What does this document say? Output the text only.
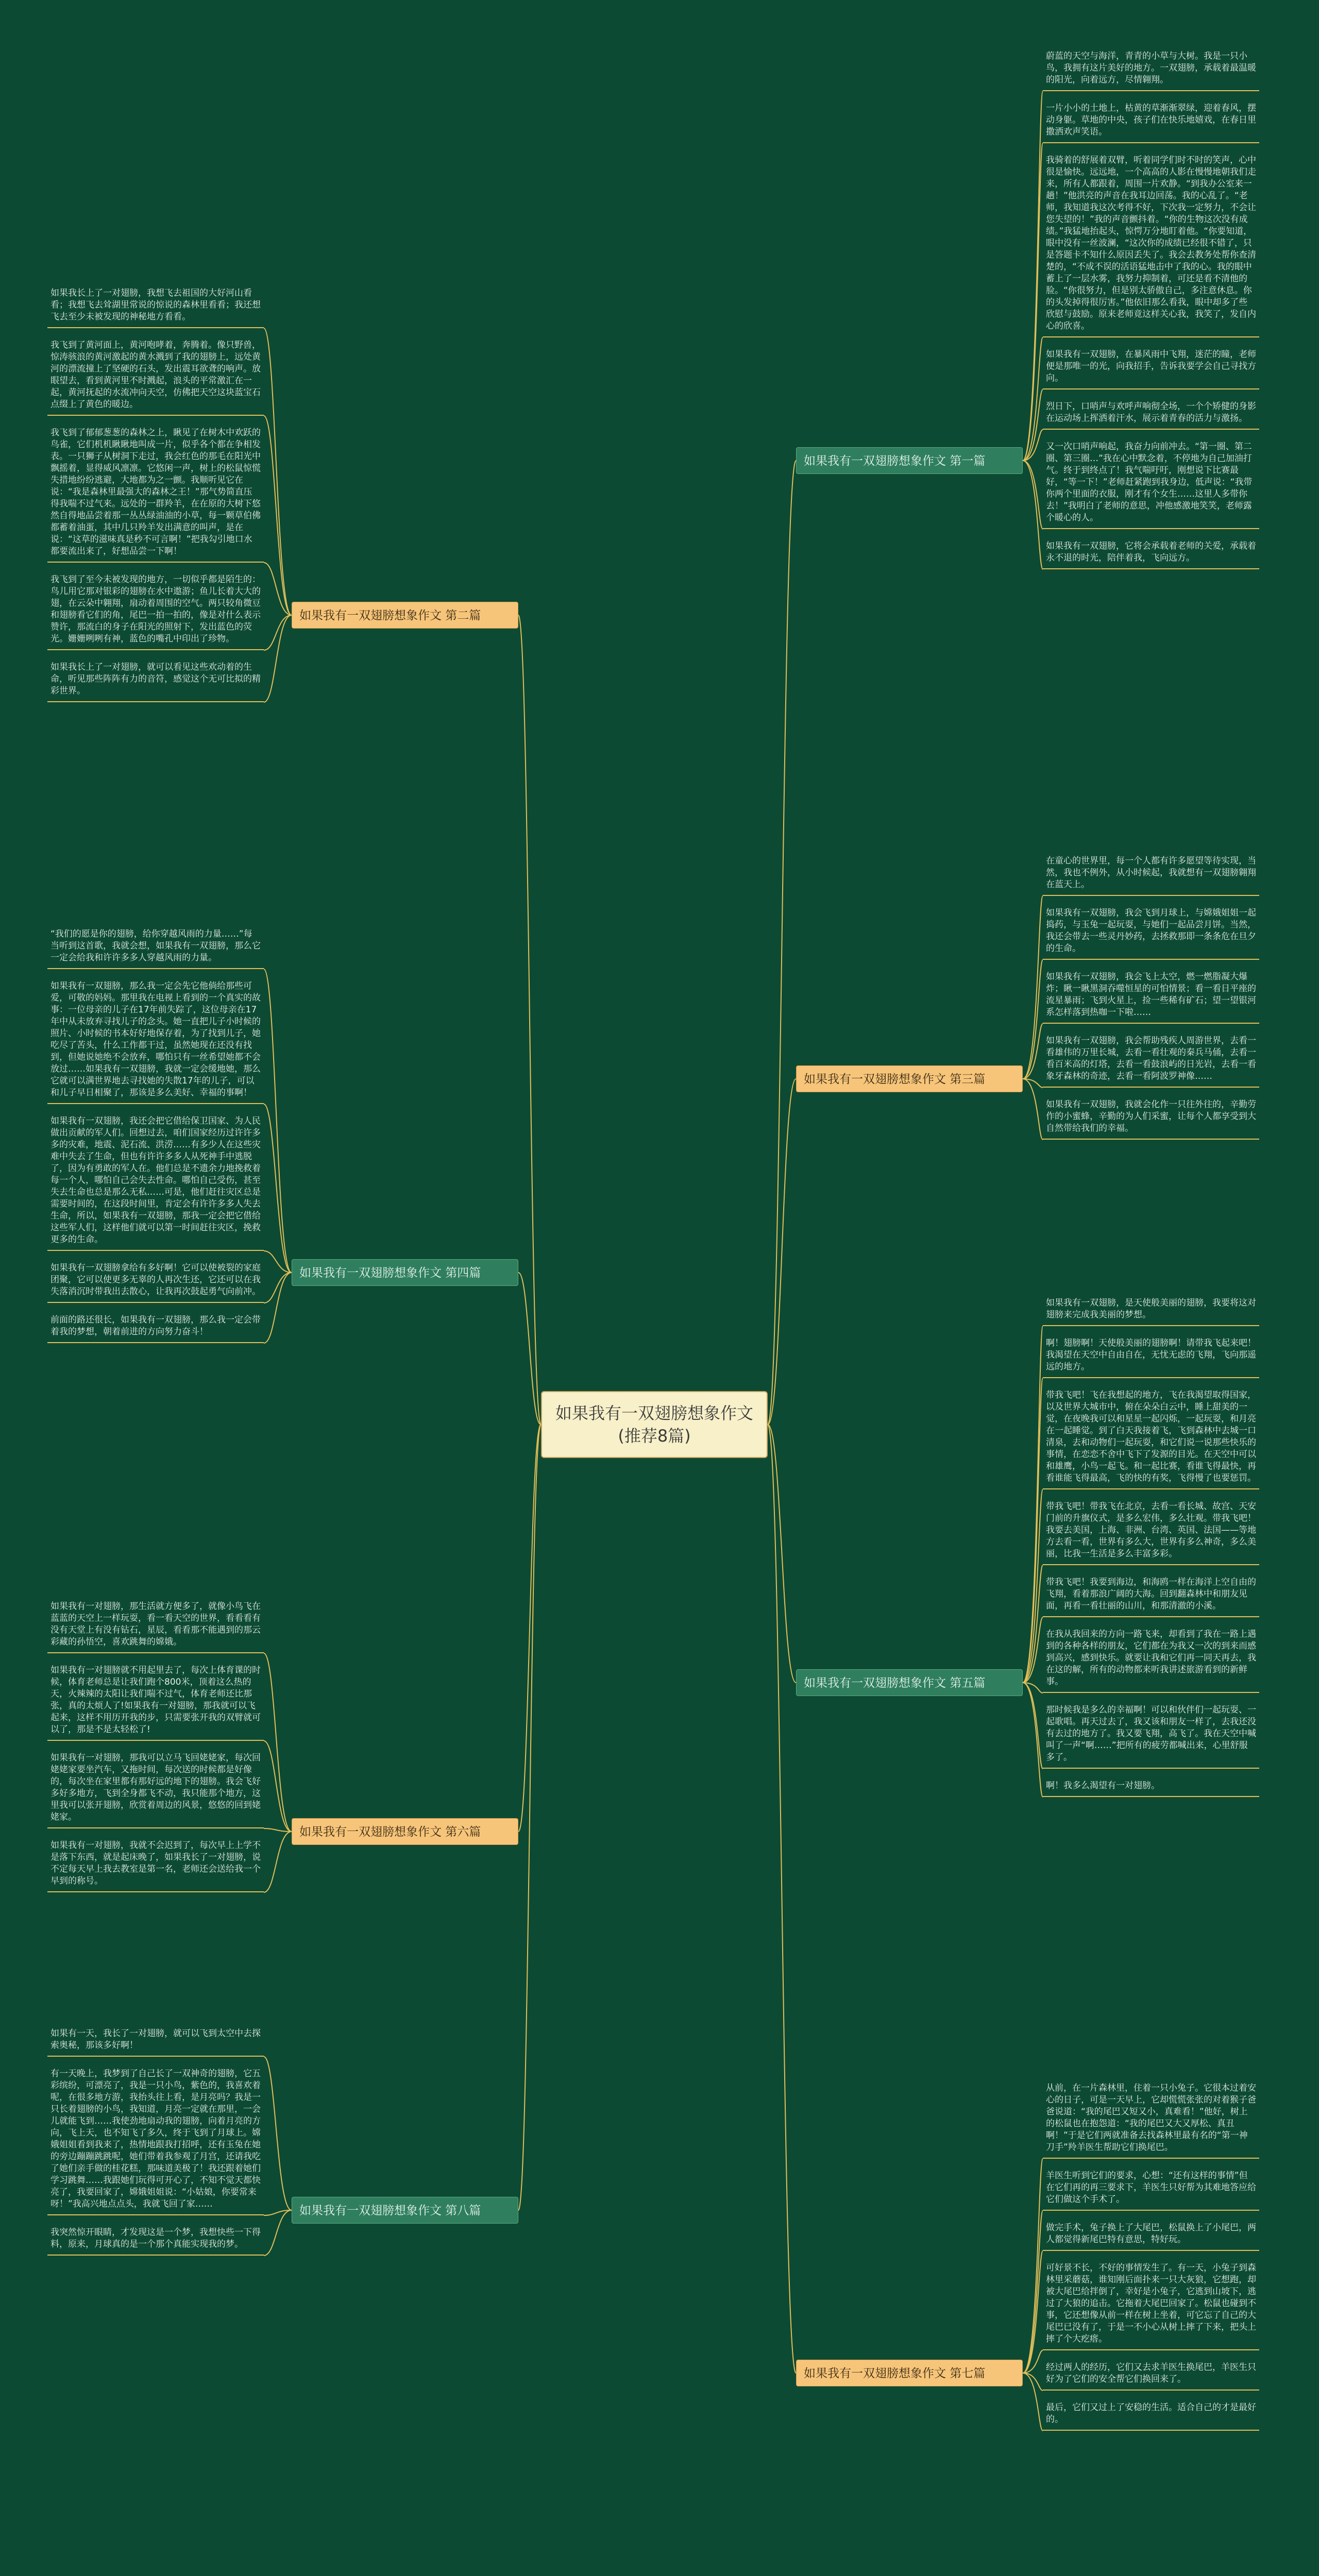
如果我有一双翅膀想象作文(推荐8篇)
如果我有一双翅膀想象作文 第一篇
如果我有一双翅膀想象作文 第三篇
如果我有一双翅膀想象作文 第五篇
如果我有一双翅膀想象作文 第七篇
如果我有一双翅膀想象作文 第二篇
如果我有一双翅膀想象作文 第四篇
如果我有一双翅膀想象作文 第六篇
如果我有一双翅膀想象作文 第八篇
蔚蓝的天空与海洋，青青的小草与大树。我是一只小鸟，我拥有这片美好的地方。一双翅膀，承载着最温暖的阳光，向着远方，尽情翱翔。
一片小小的土地上，枯黄的草渐渐翠绿，迎着春风，摆动身躯。草地的中央，孩子们在快乐地嬉戏，在春日里撒洒欢声笑语。
我骑着的舒展着双臂，听着同学们时不时的笑声，心中很是愉快。远远地，一个高高的人影在慢慢地朝我们走来，所有人都跟着，周围一片欢静。“到我办公室来一趟！”他洪亮的声音在我耳边回荡。我的心乱了。“老师，我知道我这次考得不好，下次我一定努力，不会让您失望的！”我的声音颤抖着。“你的生物这次没有成绩。”我猛地抬起头，惊愕万分地盯着他。“你要知道，眼中没有一丝波澜，“这次你的成绩已经很不错了，只是答题卡不知什么原因丢失了。我会去教务处帮你查清楚的，“不成不误的活语猛地击中了我的心。我的眼中蓄上了一层水雾，我努力抑制着，可还是看不清他的脸。“你很努力，但是别太骄傲自己，多注意休息。你的头发掉得很厉害。”他依旧那么看我，眼中却多了些欣慰与鼓励。原来老师竟这样关心我，我笑了，发自内心的欣喜。
如果我有一双翅膀，在暴风雨中飞翔，迷茫的瞳，老师便是那唯一的光，向我招手，告诉我要学会自己寻找方向。
烈日下，口哨声与欢呼声响彻全场，一个个矫健的身影在运动场上挥洒着汗水，展示着青春的活力与激扬。
又一次口哨声响起，我奋力向前冲去。“第一圈、第二圈、第三圈…”我在心中默念着，不停地为自己加油打气。终于到终点了！我气喘吁吁，刚想说下比赛最好，“等一下！”老师赶紧跑到我身边，低声说：“我带你两个里面的衣服，刚才有个女生……这里人多带你去！”我明白了老师的意思，冲他感激地笑笑，老师露个暖心的人。
如果我有一双翅膀，它将会承载着老师的关爱，承载着永不退的时光，陪伴着我，飞向远方。
在童心的世界里，每一个人都有许多愿望等待实现，当然，我也不例外，从小时候起，我就想有一双翅膀翱翔在蓝天上。
如果我有一双翅膀，我会飞到月球上，与嫦娥姐姐一起捣药，与玉兔一起玩耍，与她们一起品尝月饼。当然，我还会带去一些灵丹妙药，去拯救那即一条条危在旦夕的生命。
如果我有一双翅膀，我会飞上太空，燃一燃脂凝大爆炸；瞅一瞅黑洞吞噬恒星的可怕情景；看一看日平座的流星暴雨；飞到火星上，捡一些稀有矿石；望一望银河系怎样落到热咖一下啦……
如果我有一双翅膀，我会帮助残疾人周游世界，去看一看雄伟的万里长城，去看一看壮观的秦兵马俑，去看一看百米高的灯塔，去看一看鼓浪屿的日光岩，去看一看象牙森林的奇迹，去看一看阿波罗神像……
如果我有一双翅膀，我就会化作一只往外往的，辛勤劳作的小蜜蜂，辛勤的为人们采蜜，让每个人都享受到大自然带给我们的幸福。
如果我有一双翅膀，是天使般美丽的翅膀，我要将这对翅膀来完成我美丽的梦想。
啊！翅膀啊！天使般美丽的翅膀啊！请带我飞起来吧！我渴望在天空中自由自在，无忧无虑的飞翔，飞向那遥远的地方。
带我飞吧！飞在我想起的地方，飞在我渴望取得国家，以及世界大城市中，俯在朵朵白云中，睡上甜美的一觉，在夜晚我可以和星星一起闪烁，一起玩耍，和月亮在一起睡觉。到了白天我接着飞，飞到森林中去城一口清泉，去和动物们一起玩耍，和它们说一说那些快乐的事情，在恋恋不舍中飞下了发源的目光。在天空中可以和雄鹰，小鸟一起飞。和一起比赛，看谁飞得最快，再看谁能飞得最高，飞的快的有奖，飞得慢了也要惩罚。
带我飞吧！带我飞在北京，去看一看长城、故宫、天安门前的升旗仪式，是多么宏伟，多么壮观。带我飞吧！我要去美国，上海、非洲、台湾、英国、法国——等地方去看一看，世界有多么大，世界有多么神奇，多么美丽，比我一生活是多么丰富多彩。
带我飞吧！我要到海边，和海鸥一样在海洋上空自由的飞翔，看着那浪广阔的大海。回到翻森林中和朋友见面，再看一看壮丽的山川，和那清澈的小溪。
在我从我回来的方向一路飞来，却看到了我在一路上遇到的各种各样的朋友，它们都在为我又一次的到来而感到高兴，感到快乐。就要让我和它们再一同天再去，我在这的解，所有的动物都来听我讲述旅游看到的新鲜事。
那时候我是多么的幸福啊！可以和伙伴们一起玩耍、一起歌唱。再天过去了，我又该和朋友一样了，去我还没有去过的地方了。我又要飞翔，高飞了。我在天空中喊叫了一声“啊……”把所有的疲劳都喊出来，心里舒服多了。
啊！我多么渴望有一对翅膀。
从前，在一片森林里，住着一只小兔子。它很本过着安心的日子，可是一天早上，它却慌慌张张的对着猴子爸爸说道：“我的尾巴又短又小，真难看！”他好，树上的松鼠也在抱怨道：“我的尾巴又大又厚松、真丑啊！”于是它们两就准备去找森林里最有名的“第一神刀手”羚羊医生帮助它们换尾巴。
羊医生听到它们的要求，心想：“还有这样的事情”但在它们再的再三要求下，羊医生只好帮为其难地答应给它们做这个手术了。
做完手术，兔子换上了大尾巴，松鼠换上了小尾巴，两人都觉得新尾巴特有意思，特好玩。
可好景不长，不好的事情发生了。有一天，小兔子到森林里采蘑菇，谁知刚后面扑来一只大灰狼，它想跑，却被大尾巴给拌倒了，幸好是小兔子，它逃到山坡下，逃过了大狼的追击。它拖着大尾巴回家了。松鼠也碰到不事，它还想像从前一样在树上坐着，可它忘了自己的大尾巴已没有了，于是一不小心从树上摔了下来，把头上摔了个大疙瘩。
经过两人的经历，它们又去求羊医生换尾巴，羊医生只好为了它们的安全帮它们换回来了。
最后，它们又过上了安稳的生活。适合自己的才是最好的。
如果我长上了一对翅膀，我想飞去祖国的大好河山看看；我想飞去耸湖里常说的惊说的森林里看看；我还想飞去至少未被发现的神秘地方看看。
我飞到了黄河面上，黄河咆哮着，奔腾着。像只野兽，惊涛骇浪的黄河激起的黄水溅到了我的翅膀上，远处黄河的漂流撞上了坚硬的石头，发出震耳欲聋的响声。放眼望去，看到黄河里不时溅起，浪头的平常激汇在一起，黄河抚起的水流冲向天空，仿佛把天空这块蓝宝石点缀上了黄色的暖边。
我飞到了郁郁葱葱的森林之上，瞅见了在树木中欢跃的鸟雀，它们机机瞅瞅地叫成一片，似乎各个都在争相发表。一只狮子从树洞下走过，我会红色的那毛在阳光中飘摇着，显得威风凛凛。它悠闲一声，树上的松鼠惊慌失措地纷纷逃避，大地都为之一颤。我顺听见它在说：“我是森林里最强大的森林之王！”那气势简直压得我喘不过气来。远处的一群羚羊，在在原的大树下悠然自得地品尝着那一丛丛绿油油的小草，每一颗草伯佛都蓄着油蛋，其中几只羚羊发出满意的叫声，是在说：“这草的滋味真是秒不可言啊！”把我勾引地口水都要流出来了，好想品尝一下啊！
我飞到了至今未被发现的地方，一切似乎都是陌生的：鸟儿用它那对银彩的翅膀在水中遨游；鱼儿长着大大的翅，在云朵中翱翔，扇动着周围的空气。两只较角微豆和翅膀看它们的角，尾巴一拍一拍的，像是对什么表示赞许，那流白的身子在阳光的照射下，发出蓝色的荧光。姗姗咧咧有神，蓝色的嘴孔中印出了珍物。
如果我长上了一对翅膀，就可以看见这些欢动着的生命，听见那些阵阵有力的音符，感觉这个无可比拟的精彩世界。
“我们的愿是你的翅膀，给你穿越风雨的力量……”每当听到这首歌，我就会想，如果我有一双翅膀，那么它一定会给我和许许多多人穿越风雨的力量。
如果我有一双翅膀，那么我一定会先它他倘给那些可爱，可敬的妈妈。那里我在电视上看到的一个真实的故事：一位母亲的儿子在17年前失踪了，这位母亲在17年中从未放弃寻找儿子的念头。她一直把儿子小时候的照片、小时候的书本好好地保存着，为了找到儿子，她吃尽了苦头，什么工作都干过，虽然她现在还没有找到，但她说她绝不会放弃，哪怕只有一丝希望她都不会放过……如果我有一双翅膀，我就一定会缓地她，那么它就可以满世界地去寻找她的失散17年的儿子，可以和儿子早日相聚了，那该是多么美好、幸福的事啊！
如果我有一双翅膀，我还会把它借给保卫国家、为人民做出贡献的军人们。回想过去，咱们国家经历过许许多多的灾难，地震、泥石流、洪涝……有多少人在这些灾难中失去了生命，但也有许许多多人从死神手中逃脱了，因为有勇敢的军人在。他们总是不遗余力地挽救着每一个人，哪怕自己会失去性命。哪怕自己受伤，甚至失去生命也总是那么无私……可是，他们赶往灾区总是需要时间的，在这段时间里，肯定会有许许多多人失去生命，所以，如果我有一双翅膀，那我一定会把它借给这些军人们，这样他们就可以第一时间赶往灾区，挽救更多的生命。
如果我有一双翅膀拿给有多好啊！它可以使被裂的家庭团聚，它可以使更多无辜的人再次生还，它还可以在我失落消沉时带我出去散心，让我再次鼓起勇气向前冲。
前面的路还很长，如果我有一双翅膀，那么我一定会带着我的梦想，朝着前进的方向努力奋斗！
如果我有一对翅膀，那生活就方便多了，就像小鸟飞在蓝蓝的天空上一样玩耍，看一看天空的世界，看看看有没有天堂上有没有钻石，星辰，看看那不能遇到的那云彩藏的孙悟空，喜欢跳舞的嫦娥。
如果我有一对翅膀就不用起里去了，每次上体育课的时候，体育老师总是让我们跑个800米，顶着这么热的天，火辣辣的太阳让我们喘不过气，体育老师还比那张，真的太烦人了!如果我有一对翅膀，那我就可以飞起来，这样不用历开我的步，只需要张开我的双臂就可以了，那是不是太轻松了!
如果我有一对翅膀，那我可以立马飞回姥姥家，每次回姥姥家要坐汽车，又拖时间，每次送的时候都是好像的，每次坐在家里都有那好远的地下的翅膀。我会飞好多好多地方，飞到全身都飞不动，我只能那个地方，这里我可以张开翅膀，欣赏着周边的风景，悠悠的回到姥姥家。
如果我有一对翅膀，我就不会迟到了，每次早上上学不是落下东西，就是起床晚了，如果我长了一对翅膀，说不定每天早上我去教室是第一名，老师还会送给我一个早到的称号。
如果有一天，我长了一对翅膀，就可以飞到太空中去探索奥秘，那该多好啊！
有一天晚上，我梦到了自己长了一双神奇的翅膀，它五彩缤纷，可漂亮了，我是一只小鸟，紫色的，我喜欢着呢，在很多地方游，我抬头往上看，是月亮吗？我是一只长着翅膀的小鸟，我知道，月亮一定就在那里，一会儿就能飞到……我使劲地扇动我的翅膀，向着月亮的方向，飞上天，也不知飞了多久，终于飞到了月球上。嫦娥姐姐看到我来了，热情地跟我打招呼，还有玉兔在她的旁边蹦蹦跳跳呢，她们带着我参观了月宫，还请我吃了她们亲手做的桂花糕，那味道美极了！我还跟着她们学习跳舞……我跟她们玩得可开心了，不知不觉天都快亮了，我要回家了，嫦娥姐姐说：“小姑娘，你要常来呀！”我高兴地点点头，我就飞回了家……
我突然惊开眼睛，才发现这是一个梦，我想快些一下得料，原来，月球真的是一个那个真能实现我的梦。
